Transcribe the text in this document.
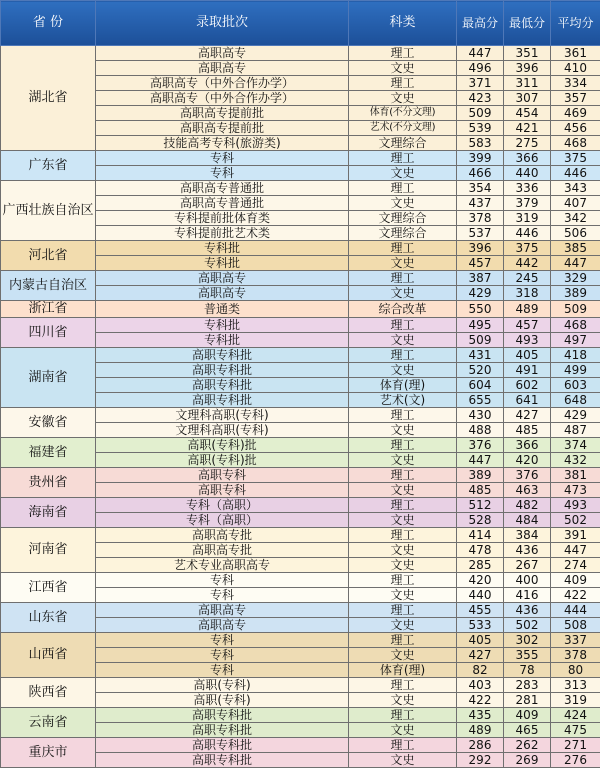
省 份	录取批次	科类	最高分	最低分	平均分
湖北省	高职高专	理工	447	351	361
	高职高专	文史	496	396	410
	高职高专（中外合作办学）	理工	371	311	334
	高职高专（中外合作办学）	文史	423	307	357
	高职高专提前批	体育(不分文理)	509	454	469
	高职高专提前批	艺术(不分文理)	539	421	456
	技能高考专科(旅游类)	文理综合	583	275	468
广东省	专科	理工	399	366	375
	专科	文史	466	440	446
广西壮族自治区	高职高专普通批	理工	354	336	343
	高职高专普通批	文史	437	379	407
	专科提前批体育类	文理综合	378	319	342
	专科提前批艺术类	文理综合	537	446	506
河北省	专科批	理工	396	375	385
	专科批	文史	457	442	447
内蒙古自治区	高职高专	理工	387	245	329
	高职高专	文史	429	318	389
浙江省	普通类	综合改革	550	489	509
四川省	专科批	理工	495	457	468
	专科批	文史	509	493	497
湖南省	高职专科批	理工	431	405	418
	高职专科批	文史	520	491	499
	高职专科批	体育(理)	604	602	603
	高职专科批	艺术(文)	655	641	648
安徽省	文理科高职(专科)	理工	430	427	429
	文理科高职(专科)	文史	488	485	487
福建省	高职(专科)批	理工	376	366	374
	高职(专科)批	文史	447	420	432
贵州省	高职专科	理工	389	376	381
	高职专科	文史	485	463	473
海南省	专科（高职）	理工	512	482	493
	专科（高职）	文史	528	484	502
河南省	高职高专批	理工	414	384	391
	高职高专批	文史	478	436	447
	艺术专业高职高专	文史	285	267	274
江西省	专科	理工	420	400	409
	专科	文史	440	416	422
山东省	高职高专	理工	455	436	444
	高职高专	文史	533	502	508
山西省	专科	理工	405	302	337
	专科	文史	427	355	378
	专科	体育(理)	82	78	80
陕西省	高职(专科)	理工	403	283	313
	高职(专科)	文史	422	281	319
云南省	高职专科批	理工	435	409	424
	高职专科批	文史	489	465	475
重庆市	高职专科批	理工	286	262	271
	高职专科批	文史	292	269	276
